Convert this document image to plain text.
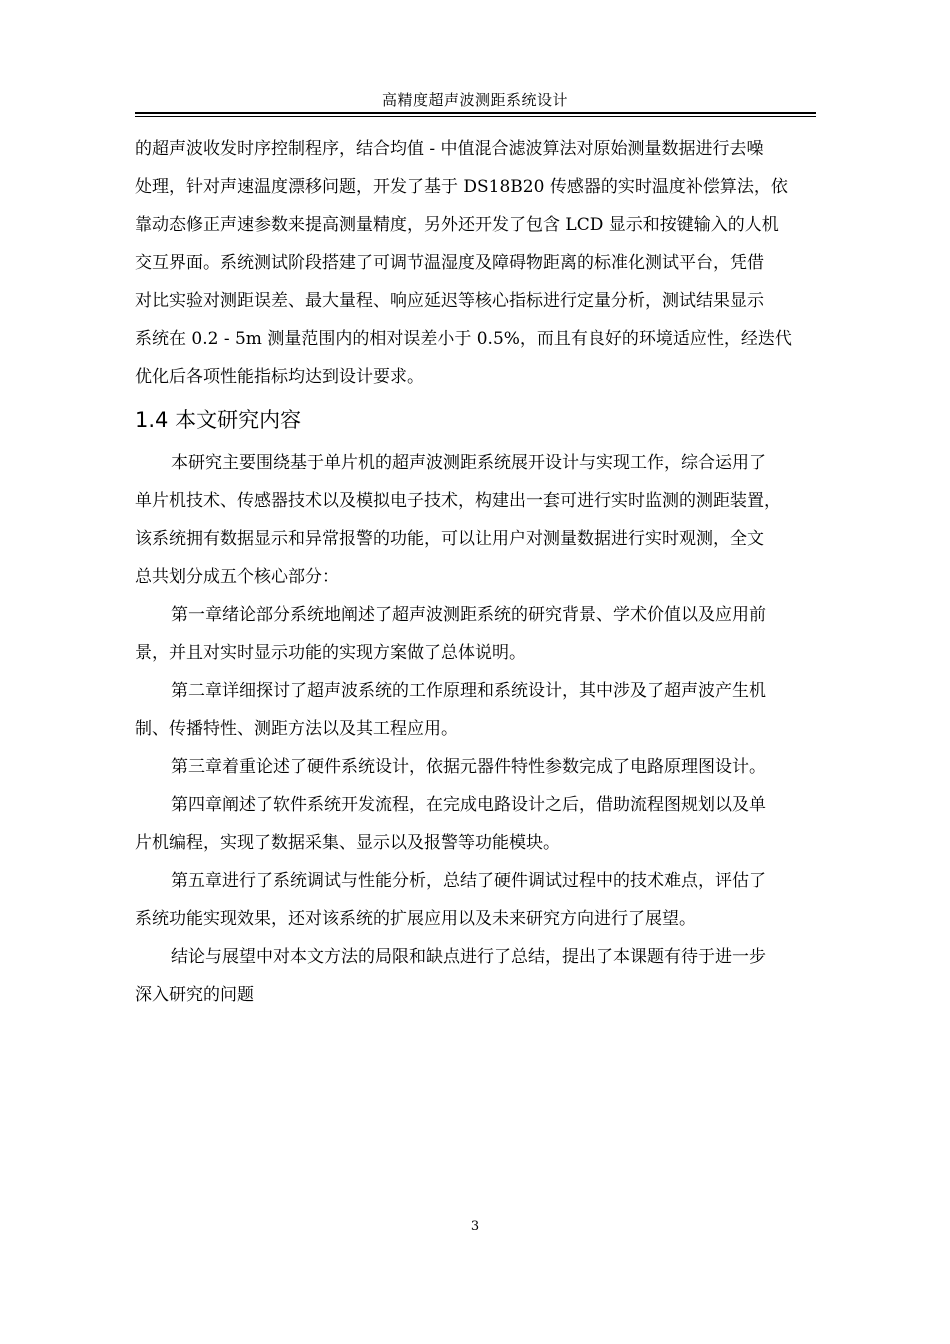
高精度超声波测距系统设计
的超声波收发时序控制程序，结合均值 - 中值混合滤波算法对原始测量数据进行去噪
处理，针对声速温度漂移问题，开发了基于 DS18B20 传感器的实时温度补偿算法，依
靠动态修正声速参数来提高测量精度，另外还开发了包含 LCD 显示和按键输入的人机
交互界面。系统测试阶段搭建了可调节温湿度及障碍物距离的标准化测试平台，凭借
对比实验对测距误差、最大量程、响应延迟等核心指标进行定量分析，测试结果显示
系统在 0.2 - 5m 测量范围内的相对误差小于 0.5%，而且有良好的环境适应性，经迭代
优化后各项性能指标均达到设计要求。
1.4 本文研究内容
本研究主要围绕基于单片机的超声波测距系统展开设计与实现工作，综合运用了
单片机技术、传感器技术以及模拟电子技术，构建出一套可进行实时监测的测距装置，
该系统拥有数据显示和异常报警的功能，可以让用户对测量数据进行实时观测，全文
总共划分成五个核心部分：
第一章绪论部分系统地阐述了超声波测距系统的研究背景、学术价值以及应用前
景，并且对实时显示功能的实现方案做了总体说明。
第二章详细探讨了超声波系统的工作原理和系统设计，其中涉及了超声波产生机
制、传播特性、测距方法以及其工程应用。
第三章着重论述了硬件系统设计，依据元器件特性参数完成了电路原理图设计。
第四章阐述了软件系统开发流程，在完成电路设计之后，借助流程图规划以及单
片机编程，实现了数据采集、显示以及报警等功能模块。
第五章进行了系统调试与性能分析，总结了硬件调试过程中的技术难点，评估了
系统功能实现效果，还对该系统的扩展应用以及未来研究方向进行了展望。
结论与展望中对本文方法的局限和缺点进行了总结，提出了本课题有待于进一步
深入研究的问题
3
